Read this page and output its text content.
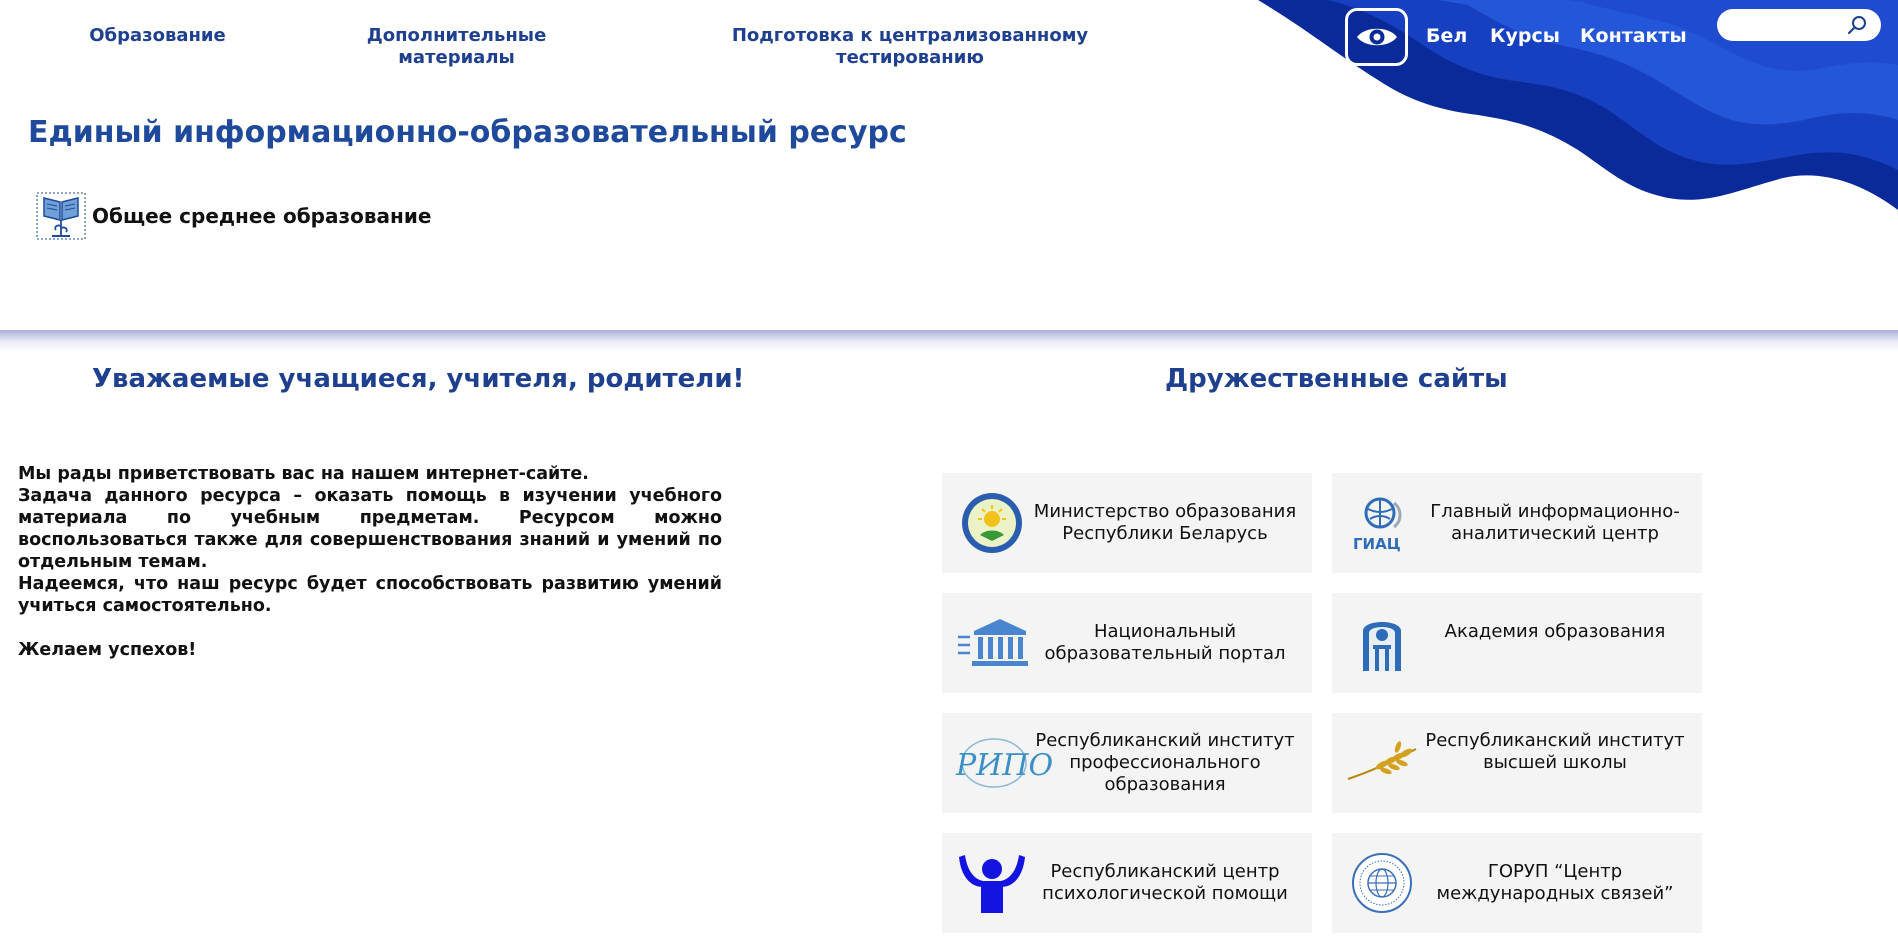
Образование	Дополнительные материалы
Подготовка к централизованному тестированию
Бел Курсы Контакты
Единый информационно-образовательный ресурс
Общее среднее образование
Уважаемые учащиеся, учителя, родители!

Мы рады приветствовать вас на нашем интернет-сайте.

Задача данного ресурса – оказать помощь в изучении учебного материала по учебным предметам. Ресурсом можно воспользоваться также для совершенствования знаний и умений по отдельным темам.

Надеемся, что наш ресурс будет способствовать развитию умений учиться самостоятельно.

Желаем успехов!

Дружественные сайты
Министерство образования Республики Беларусь	ГИАЦ
Главный информационно-аналитический центр
Национальный образовательный портал
Академия образования
РИПО
Республиканский институт профессионального образования
Республиканский институт высшей школы
Республиканский центр психологической помощи
ГОРУП “Центр международных связей”
